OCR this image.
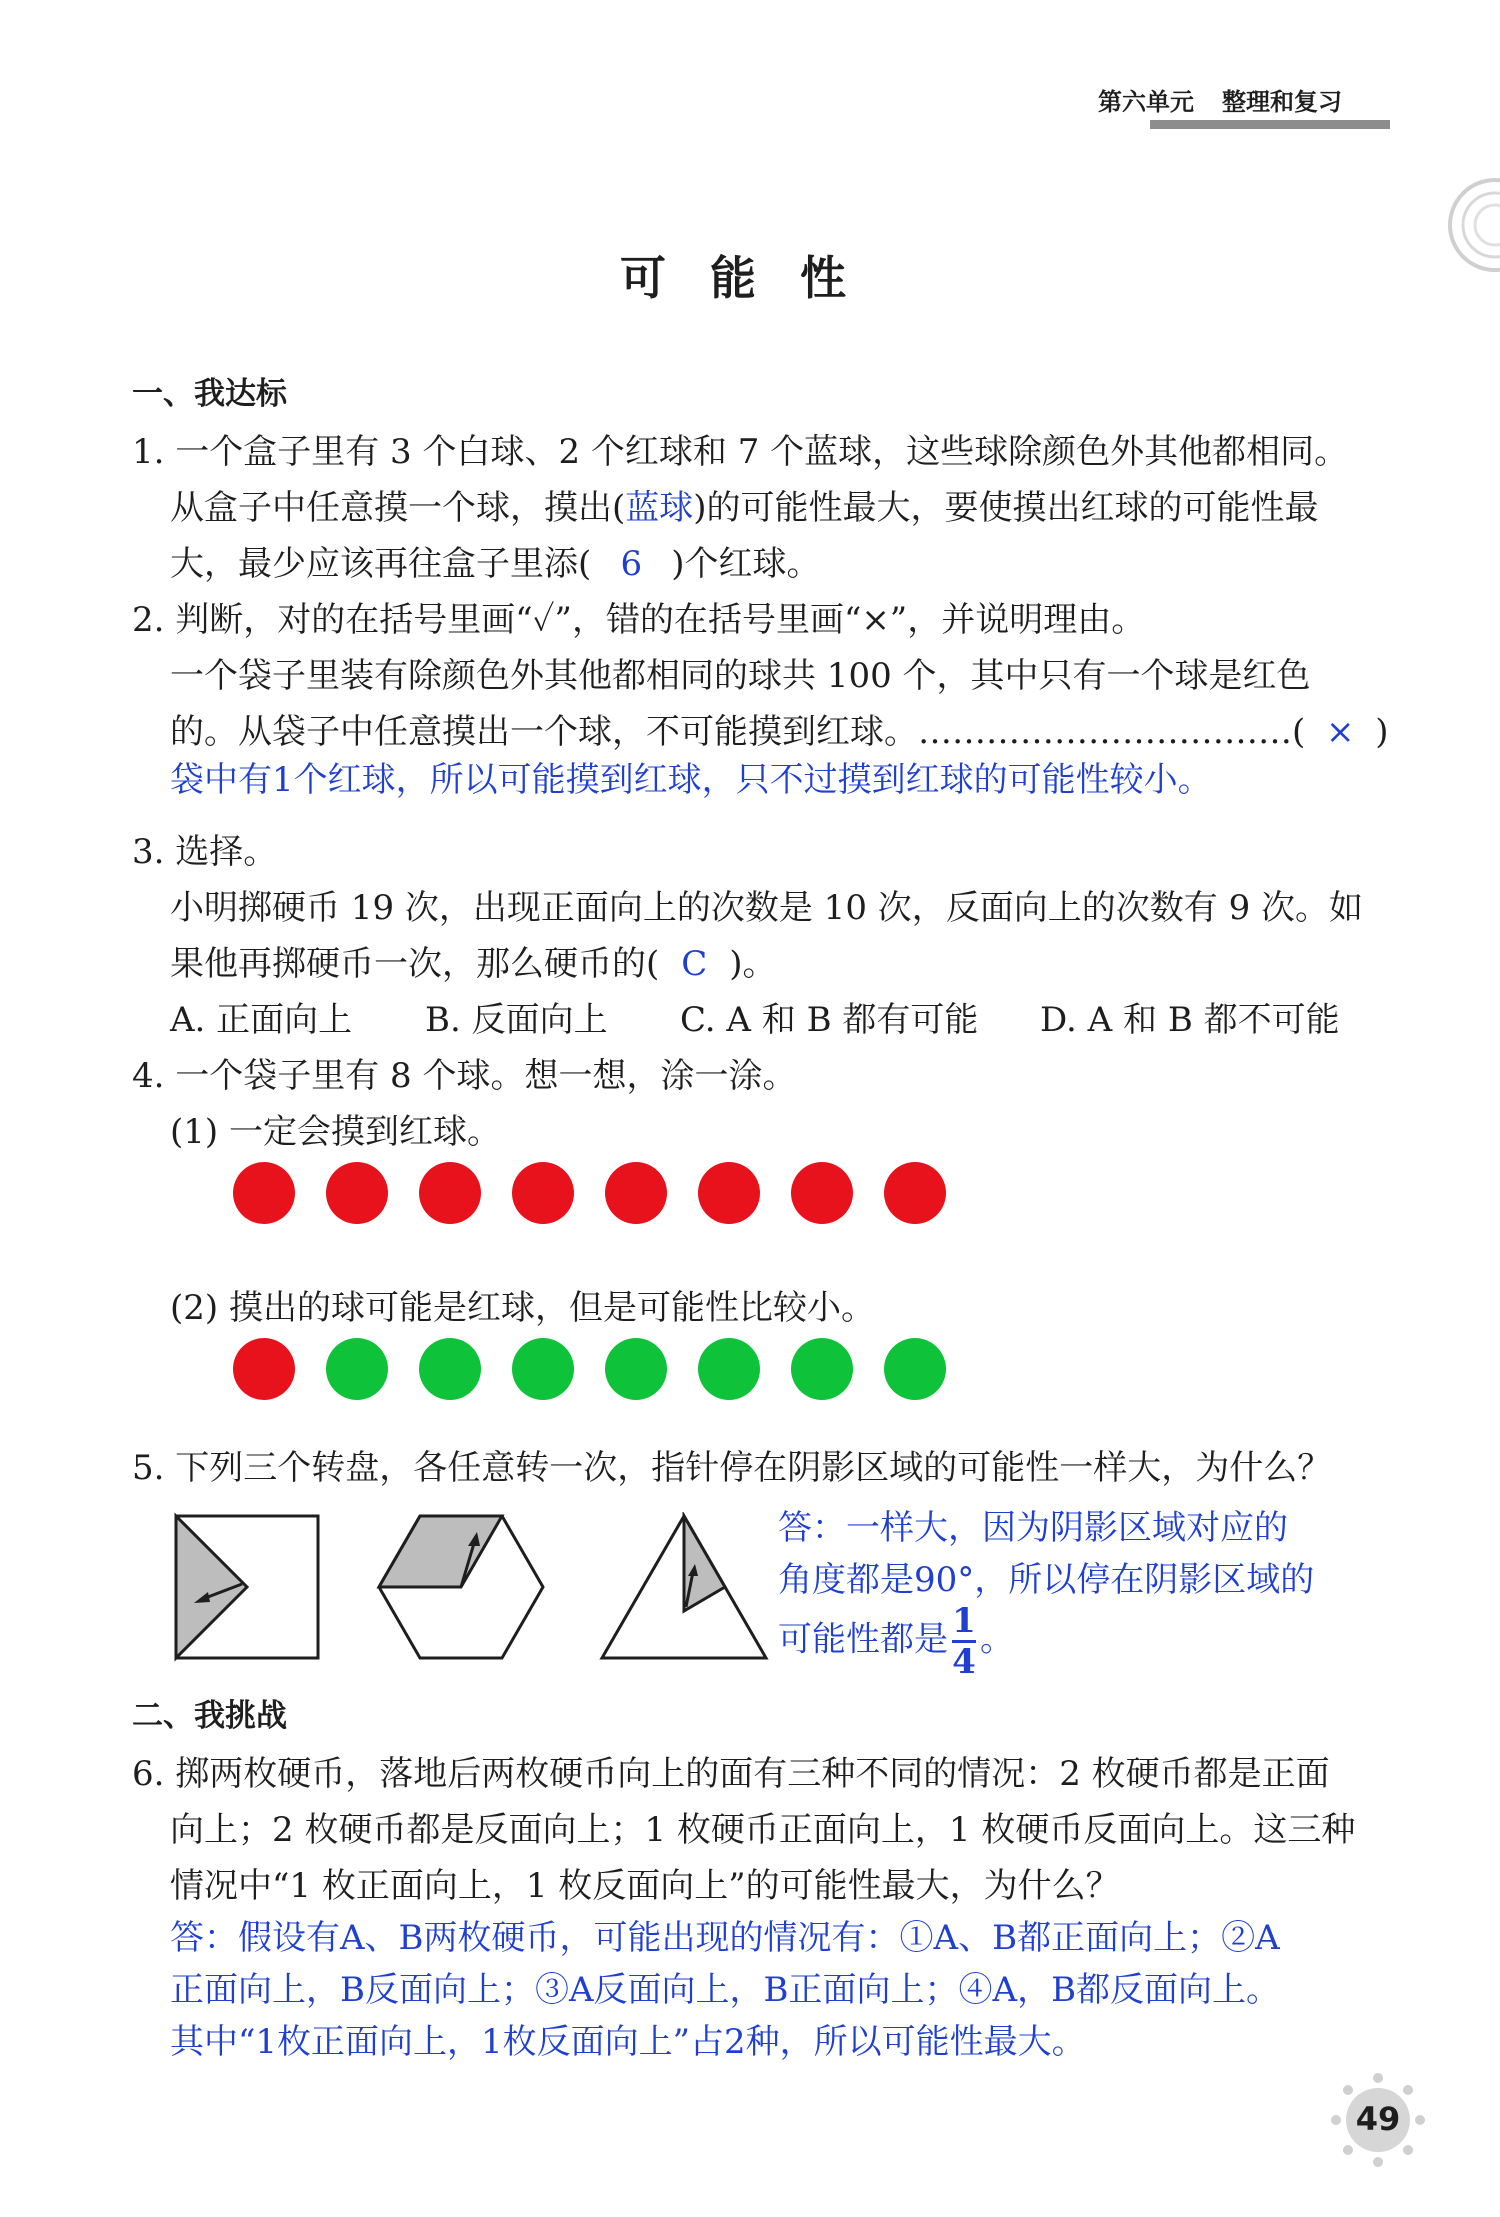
第六单元 整理和复习
可 能 性
一、我达标
1. 一个盒子里有 3 个白球、2 个红球和 7 个蓝球，这些球除颜色外其他都相同。
从盒子中任意摸一个球，摸出(蓝球)的可能性最大，要使摸出红球的可能性最
大，最少应该再往盒子里添( 6 )个红球。
2. 判断，对的在括号里画“✓”，错的在括号里画“×”，并说明理由。
一个袋子里装有除颜色外其他都相同的球共 100 个，其中只有一个球是红色
的。从袋子中任意摸出一个球，不可能摸到红球。……………………………( × )
袋中有1个红球，所以可能摸到红球，只不过摸到红球的可能性较小。
3. 选择。
小明掷硬币 19 次，出现正面向上的次数是 10 次，反面向上的次数有 9 次。如
果他再掷硬币一次，那么硬币的( C )。
A. 正面向上 B. 反面向上 C. A 和 B 都有可能 D. A 和 B 都不可能
4. 一个袋子里有 8 个球。想一想，涂一涂。
(1) 一定会摸到红球。
(2) 摸出的球可能是红球，但是可能性比较小。
5. 下列三个转盘，各任意转一次，指针停在阴影区域的可能性一样大，为什么？
答：一样大，因为阴影区域对应的
角度都是90°，所以停在阴影区域的
可能性都是 $\frac{1}{4}$ 。
二、我挑战
6. 掷两枚硬币，落地后两枚硬币向上的面有三种不同的情况：2 枚硬币都是正面
向上；2 枚硬币都是反面向上；1 枚硬币正面向上，1 枚硬币反面向上。这三种
情况中“1 枚正面向上，1 枚反面向上”的可能性最大，为什么？
答：假设有A、B两枚硬币，可能出现的情况有：①A、B都正面向上；②A
正面向上，B反面向上；③A反面向上，B正面向上；④A，B都反面向上。
其中“1枚正面向上，1枚反面向上”占2种，所以可能性最大。
49
